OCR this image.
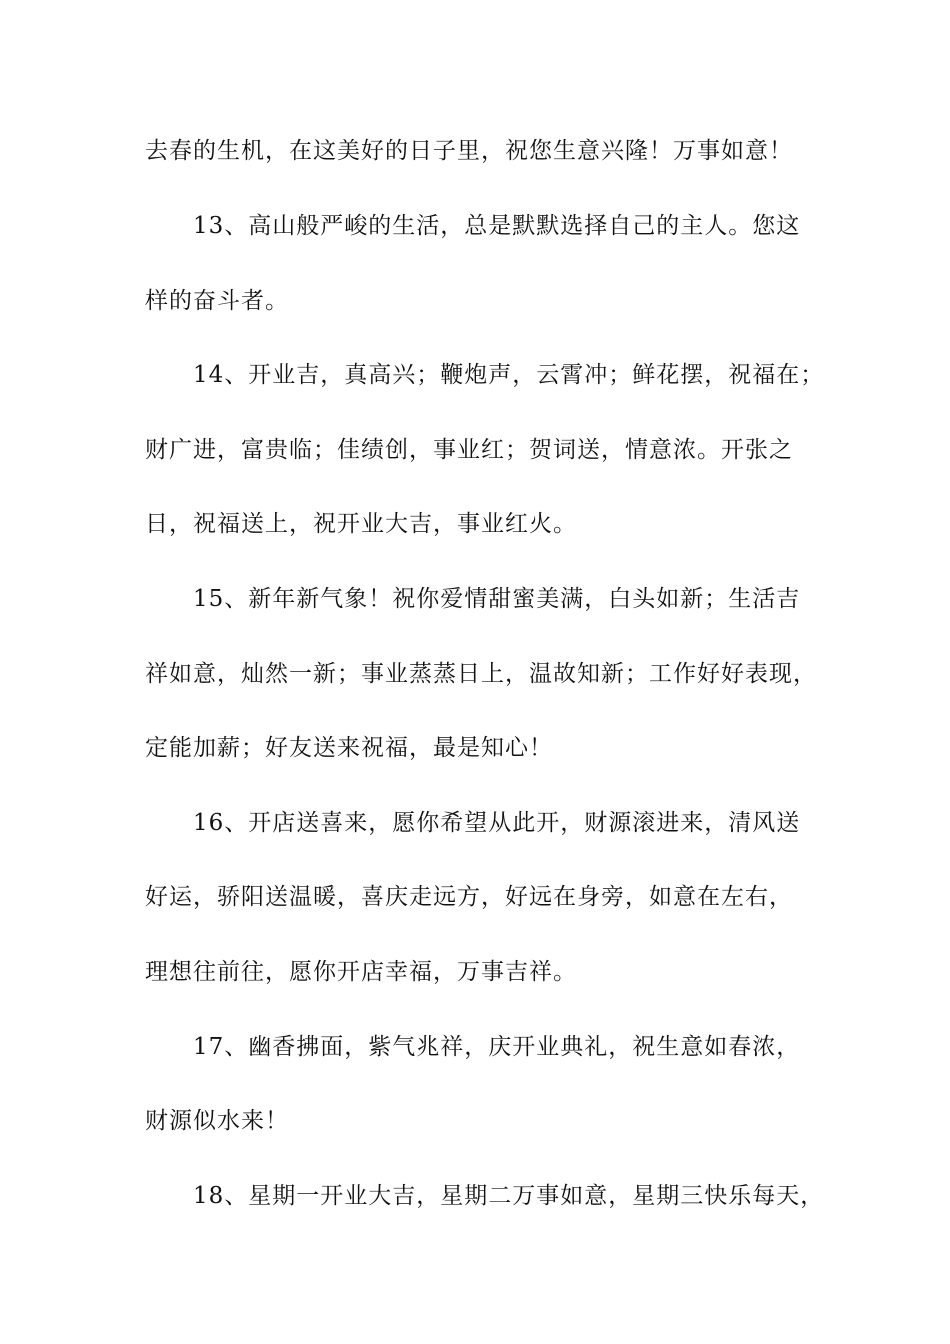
去春的生机，在这美好的日子里，祝您生意兴隆！万事如意！
13、高山般严峻的生活，总是默默选择自己的主人。您这
样的奋斗者。
14、开业吉，真高兴；鞭炮声，云霄冲；鲜花摆，祝福在；
财广进，富贵临；佳绩创，事业红；贺词送，情意浓。开张之
日，祝福送上，祝开业大吉，事业红火。
15、新年新气象！祝你爱情甜蜜美满，白头如新；生活吉
祥如意，灿然一新；事业蒸蒸日上，温故知新；工作好好表现，
定能加薪；好友送来祝福，最是知心！
16、开店送喜来，愿你希望从此开，财源滚进来，清风送
好运，骄阳送温暖，喜庆走远方，好远在身旁，如意在左右，
理想往前往，愿你开店幸福，万事吉祥。
17、幽香拂面，紫气兆祥，庆开业典礼，祝生意如春浓，
财源似水来！
18、星期一开业大吉，星期二万事如意，星期三快乐每天，
